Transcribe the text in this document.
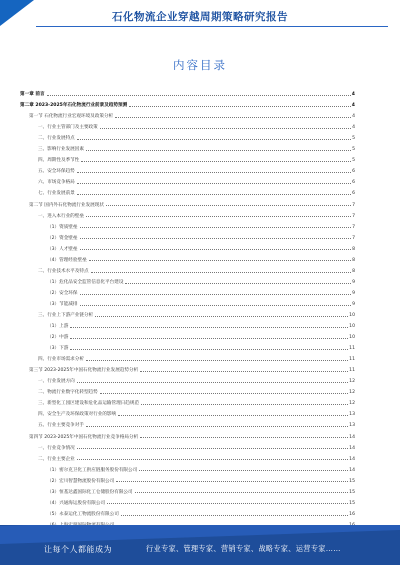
石化物流企业穿越周期策略研究报告
内容目录
第一章 前言	4
第二章 2023-2025年石化物流行业前景及趋势预测	4
第一节 石化物流行业宏观环境及政策分析	4
一、行业主管部门及主要政策	4
二、行业发展特点	5
三、影响行业发展因素	5
四、周期性及季节性	5
五、安全环保趋势	6
六、市场竞争格局	6
七、行业发展前景	6
第二节 国内外石化物流行业发展现状	7
一、进入本行业的壁垒	7
（1）资质壁垒	7
（2）资金壁垒	7
（3）人才壁垒	8
（4）管理经验壁垒	8
二、行业技术水平及特点	8
（1）危化品安全监管信息化平台建设	9
（2）安全环保	9
（3）节能减排	9
三、行业上下游产业链分析	10
（1）上游	10
（2）中游	10
（3）下游	11
四、行业市场需求分析	11
第三节 2023-2025年中国石化物流行业发展趋势分析	11
一、行业发展方向	12
二、物流行业数字化转型趋势	12
三、新型化工园区建设和危化品运输管理日趋规范	12
四、安全生产及环保政策对行业的影响	13
五、行业主要竞争对手	13
第四节 2023-2025年中国石化物流行业竞争格局分析	14
一、行业竞争情况	14
二、行业主要企业	14
（1）密尔克卫化工供应链服务股份有限公司	14
（2）宏川智慧物流股份有限公司	15
（3）恒基达鑫国际化工仓储股份有限公司	15
（4）兴通海运股份有限公司	15
（5）永泰运化工物流股份有限公司	16
让每个人都能成为	行业专家、管理专家、营销专家、战略专家、运营专家……
